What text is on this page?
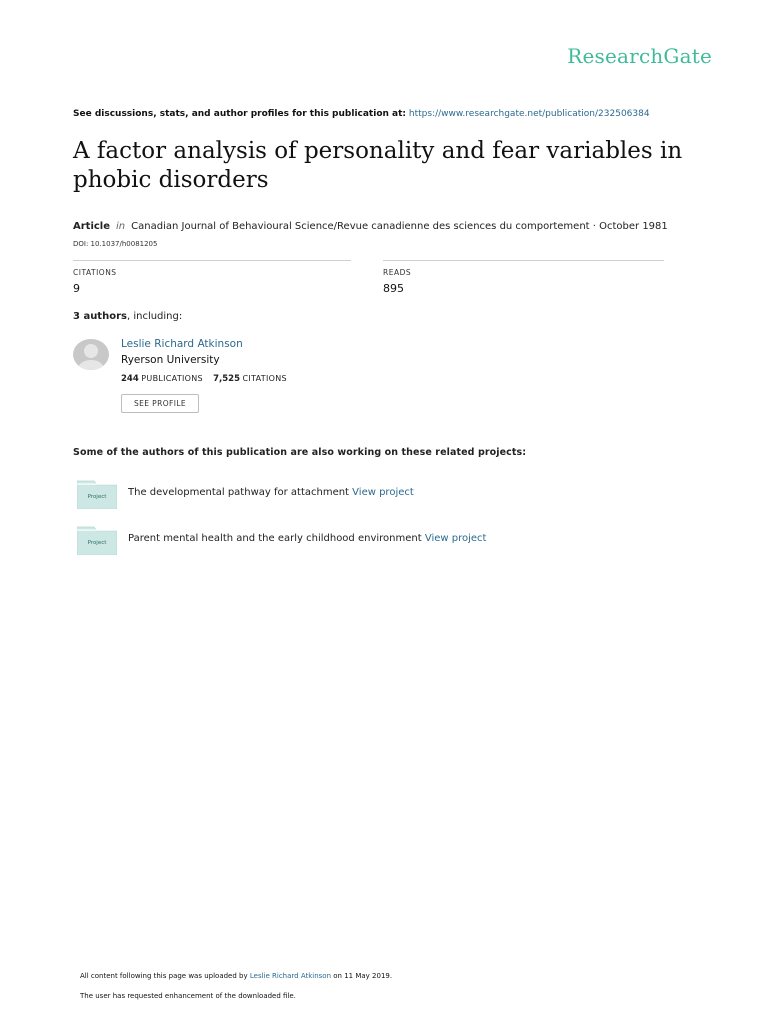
ResearchGate
See discussions, stats, and author profiles for this publication at: https://www.researchgate.net/publication/232506384
A factor analysis of personality and fear variables in phobic disorders
Article in Canadian Journal of Behavioural Science/Revue canadienne des sciences du comportement · October 1981
DOI: 10.1037/h0081205
CITATIONS
9
READS
895
3 authors, including:
Leslie Richard Atkinson
Ryerson University
244 PUBLICATIONS 7,525 CITATIONS
SEE PROFILE
Some of the authors of this publication are also working on these related projects:
Project The developmental pathway for attachment View project
Project Parent mental health and the early childhood environment View project
All content following this page was uploaded by Leslie Richard Atkinson on 11 May 2019.
The user has requested enhancement of the downloaded file.
